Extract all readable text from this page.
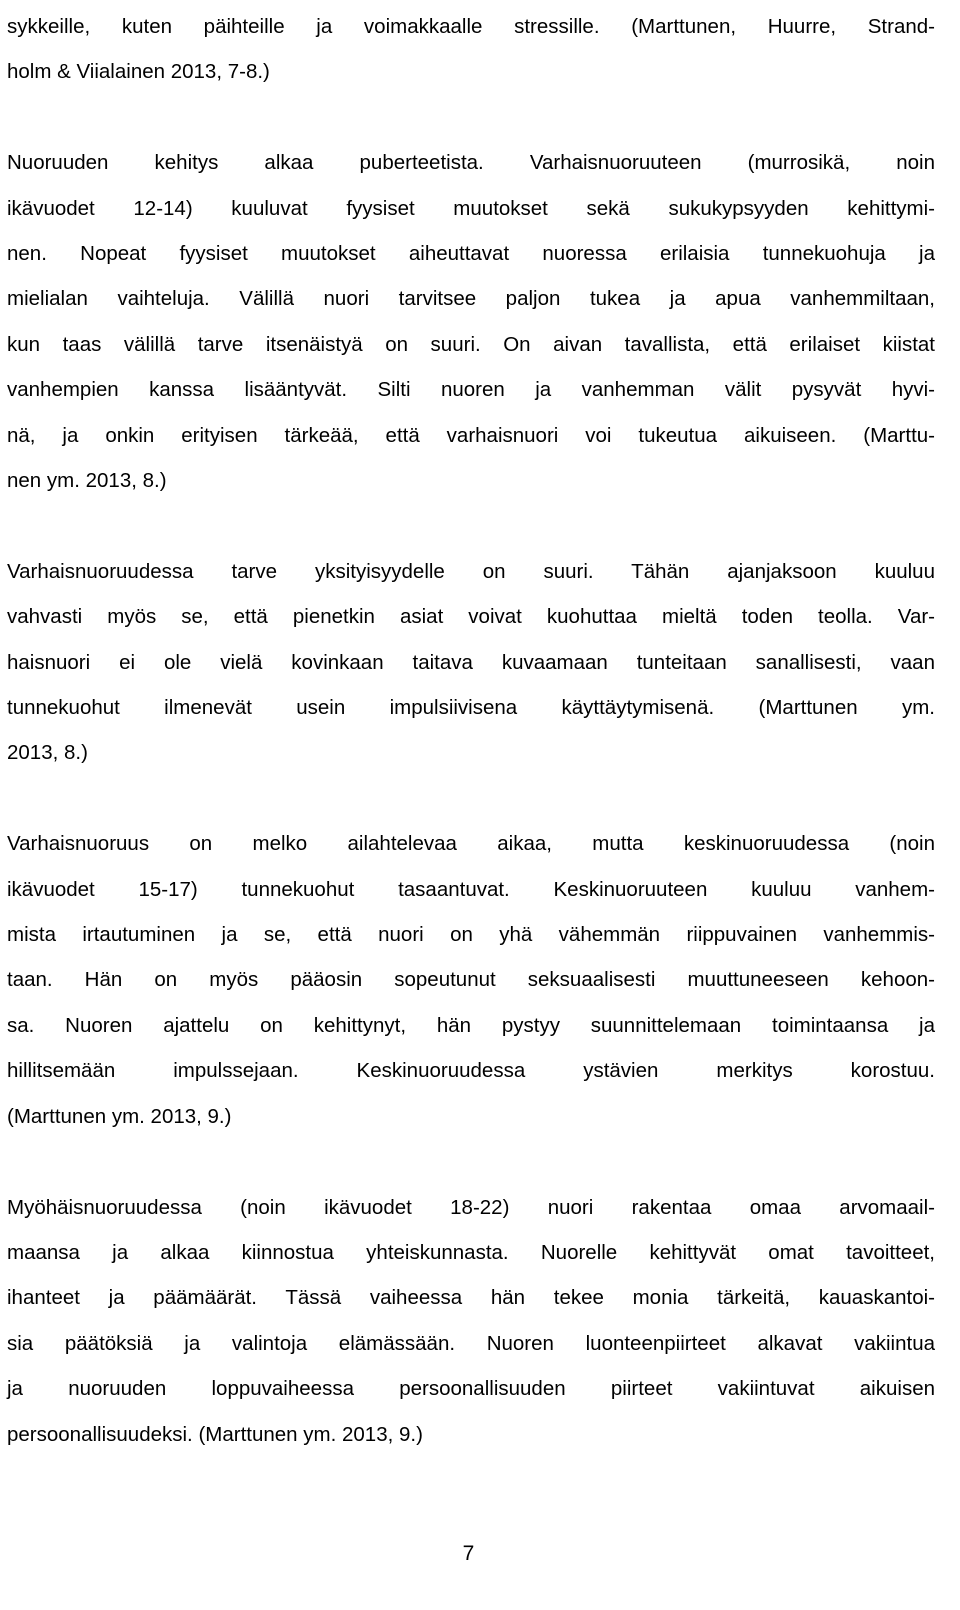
sykkeille, kuten päihteille ja voimakkaalle stressille. (Marttunen, Huurre, Strand-
holm & Viialainen 2013, 7-8.)

Nuoruuden kehitys alkaa puberteetista. Varhaisnuoruuteen (murrosikä, noin
ikävuodet 12-14) kuuluvat fyysiset muutokset sekä sukukypsyyden kehittymi-
nen. Nopeat fyysiset muutokset aiheuttavat nuoressa erilaisia tunnekuohuja ja
mielialan vaihteluja. Välillä nuori tarvitsee paljon tukea ja apua vanhemmiltaan,
kun taas välillä tarve itsenäistyä on suuri. On aivan tavallista, että erilaiset kiistat
vanhempien kanssa lisääntyvät. Silti nuoren ja vanhemman välit pysyvät hyvi-
nä, ja onkin erityisen tärkeää, että varhaisnuori voi tukeutua aikuiseen. (Marttu-
nen ym. 2013, 8.)

Varhaisnuoruudessa tarve yksityisyydelle on suuri. Tähän ajanjaksoon kuuluu
vahvasti myös se, että pienetkin asiat voivat kuohuttaa mieltä toden teolla. Var-
haisnuori ei ole vielä kovinkaan taitava kuvaamaan tunteitaan sanallisesti, vaan
tunnekuohut ilmenevät usein impulsiivisena käyttäytymisenä. (Marttunen ym.
2013, 8.)

Varhaisnuoruus on melko ailahtelevaa aikaa, mutta keskinuoruudessa (noin
ikävuodet 15-17) tunnekuohut tasaantuvat. Keskinuoruuteen kuuluu vanhem-
mista irtautuminen ja se, että nuori on yhä vähemmän riippuvainen vanhemmis-
taan. Hän on myös pääosin sopeutunut seksuaalisesti muuttuneeseen kehoon-
sa. Nuoren ajattelu on kehittynyt, hän pystyy suunnittelemaan toimintaansa ja
hillitsemään impulssejaan. Keskinuoruudessa ystävien merkitys korostuu.
(Marttunen ym. 2013, 9.)

Myöhäisnuoruudessa (noin ikävuodet 18-22) nuori rakentaa omaa arvomaail-
maansa ja alkaa kiinnostua yhteiskunnasta. Nuorelle kehittyvät omat tavoitteet,
ihanteet ja päämäärät. Tässä vaiheessa hän tekee monia tärkeitä, kauaskantoi-
sia päätöksiä ja valintoja elämässään. Nuoren luonteenpiirteet alkavat vakiintua
ja nuoruuden loppuvaiheessa persoonallisuuden piirteet vakiintuvat aikuisen
persoonallisuudeksi. (Marttunen ym. 2013, 9.)

7
